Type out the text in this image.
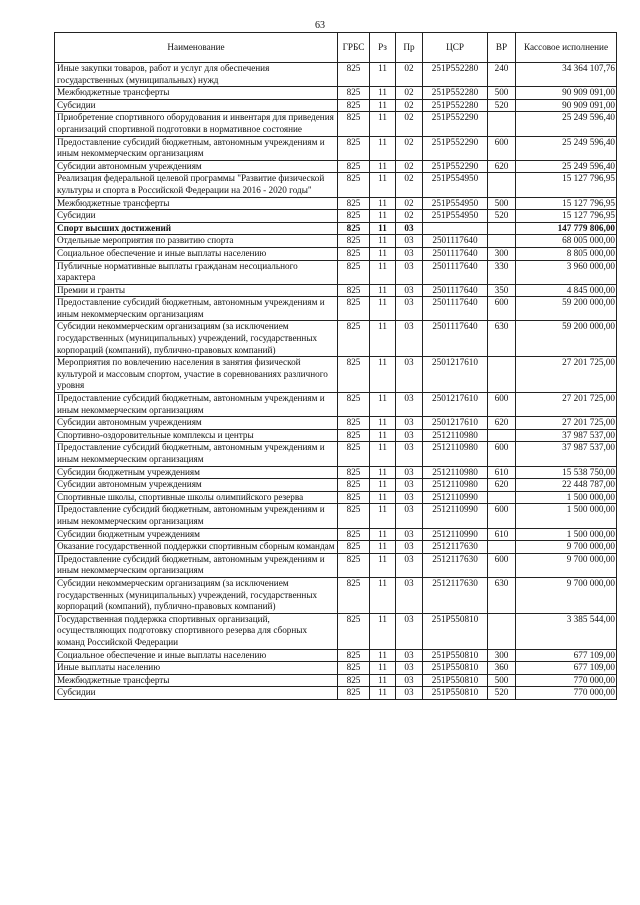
63
Наименование	ГРБС	Рз	Пр	ЦСР	ВР	Кассовое исполнение
Иные закупки товаров, работ и услуг для обеспечения государственных (муниципальных) нужд	825	11	02	251P552280	240	34 364 107,76
Межбюджетные трансферты	825	11	02	251P552280	500	90 909 091,00
Субсидии	825	11	02	251P552280	520	90 909 091,00
Приобретение спортивного оборудования и инвентаря для приведения организаций спортивной подготовки в нормативное состояние	825	11	02	251P552290		25 249 596,40
Предоставление субсидий бюджетным, автономным учреждениям и иным некоммерческим организациям	825	11	02	251P552290	600	25 249 596,40
Субсидии автономным учреждениям	825	11	02	251P552290	620	25 249 596,40
Реализация федеральной целевой программы "Развитие физической культуры и спорта в Российской Федерации на 2016 - 2020 годы"	825	11	02	251P554950		15 127 796,95
Межбюджетные трансферты	825	11	02	251P554950	500	15 127 796,95
Субсидии	825	11	02	251P554950	520	15 127 796,95
Спорт высших достижений	825	11	03			147 779 806,00
Отдельные мероприятия по развитию спорта	825	11	03	2501117640		68 005 000,00
Социальное обеспечение и иные выплаты населению	825	11	03	2501117640	300	8 805 000,00
Публичные нормативные выплаты гражданам несоциального характера	825	11	03	2501117640	330	3 960 000,00
Премии и гранты	825	11	03	2501117640	350	4 845 000,00
Предоставление субсидий бюджетным, автономным учреждениям и иным некоммерческим организациям	825	11	03	2501117640	600	59 200 000,00
Субсидии некоммерческим организациям (за исключением государственных (муниципальных) учреждений, государственных корпораций (компаний), публично-правовых компаний)	825	11	03	2501117640	630	59 200 000,00
Мероприятия по вовлечению населения в занятия физической культурой и массовым спортом, участие в соревнованиях различного уровня	825	11	03	2501217610		27 201 725,00
Предоставление субсидий бюджетным, автономным учреждениям и иным некоммерческим организациям	825	11	03	2501217610	600	27 201 725,00
Субсидии автономным учреждениям	825	11	03	2501217610	620	27 201 725,00
Спортивно-оздоровительные комплексы и центры	825	11	03	2512110980		37 987 537,00
Предоставление субсидий бюджетным, автономным учреждениям и иным некоммерческим организациям	825	11	03	2512110980	600	37 987 537,00
Субсидии бюджетным учреждениям	825	11	03	2512110980	610	15 538 750,00
Субсидии автономным учреждениям	825	11	03	2512110980	620	22 448 787,00
Спортивные школы, спортивные школы олимпийского резерва	825	11	03	2512110990		1 500 000,00
Предоставление субсидий бюджетным, автономным учреждениям и иным некоммерческим организациям	825	11	03	2512110990	600	1 500 000,00
Субсидии бюджетным учреждениям	825	11	03	2512110990	610	1 500 000,00
Оказание государственной поддержки спортивным сборным командам	825	11	03	2512117630		9 700 000,00
Предоставление субсидий бюджетным, автономным учреждениям и иным некоммерческим организациям	825	11	03	2512117630	600	9 700 000,00
Субсидии некоммерческим организациям (за исключением государственных (муниципальных) учреждений, государственных корпораций (компаний), публично-правовых компаний)	825	11	03	2512117630	630	9 700 000,00
Государственная поддержка спортивных организаций, осуществляющих подготовку спортивного резерва для сборных команд Российской Федерации	825	11	03	251P550810		3 385 544,00
Социальное обеспечение и иные выплаты населению	825	11	03	251P550810	300	677 109,00
Иные выплаты населению	825	11	03	251P550810	360	677 109,00
Межбюджетные трансферты	825	11	03	251P550810	500	770 000,00
Субсидии	825	11	03	251P550810	520	770 000,00
